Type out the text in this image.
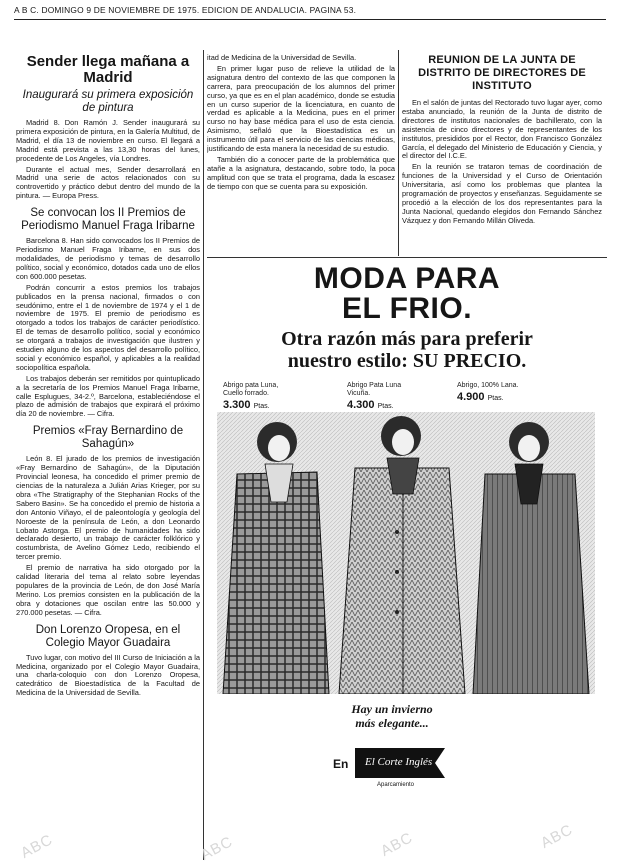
A B C. DOMINGO 9 DE NOVIEMBRE DE 1975. EDICION DE ANDALUCIA. PAGINA 53.
Sender llega mañana a Madrid
Inaugurará su primera exposición de pintura

Madrid 8. Don Ramón J. Sender inaugurará su primera exposición de pintura, en la Galería Multitud, de Madrid, el día 13 de noviembre en curso. El llegará a Madrid está prevista a las 13,30 horas del lunes, procedente de Los Angeles, vía Londres.

Durante el actual mes, Sender desarrollará en Madrid una serie de actos relacionados con su controvertido y práctico debut dentro del mundo de la pintura. — Europa Press.

Se convocan los II Premios de Periodismo Manuel Fraga Iribarne

Barcelona 8. Han sido convocados los II Premios de Periodismo Manuel Fraga Iribarne, en sus dos modalidades, de periodismo y temas de desarrollo político, social y económico, dotados cada uno de ellos con 600.000 pesetas.

Podrán concurrir a estos premios los trabajos publicados en la prensa nacional, firmados o con seudónimo, entre el 1 de noviembre de 1974 y el 1 de noviembre de 1975. El premio de periodismo es otorgado a todos los trabajos de carácter periodístico. El de temas de desarrollo político, social y económico se otorgará a trabajos de investigación que ilustren y estudien alguno de los aspectos del desarrollo político, social y económico español, y aplicables a la realidad sociopolítica española.

Los trabajos deberán ser remitidos por quintuplicado a la secretaría de los Premios Manuel Fraga Iribarne, calle Esplugues, 34-2.º, Barcelona, estableciéndose el plazo de admisión de trabajos que expirará el próximo día 20 de noviembre. — Cifra.

Premios «Fray Bernardino de Sahagún»

León 8. El jurado de los premios de investigación «Fray Bernardino de Sahagún», de la Diputación Provincial leonesa, ha concedido el primer premio de ciencias de la naturaleza a Julián Arias Krieger, por su obra «The Stratigraphy of the Stephanian Rocks of the Sabero Basin». Se ha concedido el premio de historia a don Antonio Viñayo, el de paleontología y geología del Noroeste de la península de León, a don Leonardo Lobato Astorga. El premio de humanidades ha sido declarado desierto, un trabajo de carácter folklórico y costumbrista, de Avelino Gómez Ledo, recibiendo el tercer premio.

El premio de narrativa ha sido otorgado por la calidad literaria del tema al relato sobre leyendas populares de la provincia de León, de don José María Merino. Los premios consisten en la publicación de la obra y dotaciones que oscilan entre las 50.000 y 270.000 pesetas. — Cifra.

Don Lorenzo Oropesa, en el Colegio Mayor Guadaira

Tuvo lugar, con motivo del III Curso de Iniciación a la Medicina, organizado por el Colegio Mayor Guadaira, una charla-coloquio con don Lorenzo Oropesa, catedrático de Bioestadística de la Facultad de Medicina de la Universidad de Sevilla.

itad de Medicina de la Universidad de Sevilla.

En primer lugar puso de relieve la utilidad de la asignatura dentro del contexto de las que componen la carrera, para preocupación de los alumnos del primer curso, ya que es en el plan académico, donde se estudia en un curso superior de la licenciatura, en cuanto de verdad es aplicable a la Medicina, pues en el primer curso no hay base médica para el uso de esta ciencia. Asimismo, señaló que la Bioestadística es un instrumento útil para el servicio de las ciencias médicas, justificando de esta manera la necesidad de su estudio.

También dio a conocer parte de la problemática que atañe a la asignatura, destacando, sobre todo, la poca amplitud con que se trata el programa, dada la escasez de tiempo con que se cuenta para su exposición.

REUNION DE LA JUNTA DE DISTRITO DE DIRECTORES DE INSTITUTO

En el salón de juntas del Rectorado tuvo lugar ayer, como estaba anunciado, la reunión de la Junta de distrito de directores de institutos nacionales de bachillerato, con la asistencia de cinco directores y de representantes de los institutos, presididos por el Rector, don Francisco González García, el delegado del Ministerio de Educación y Ciencia, y el director del I.C.E.

En la reunión se trataron temas de coordinación de funciones de la Universidad y el Curso de Orientación Universitaria, así como los problemas que plantea la programación de proyectos y enseñanzas. Seguidamente se procedió a la elección de los dos representantes para la Junta Nacional, quedando elegidos don Fernando Sánchez Vázquez y don Fernando Millán Oliveda.

MODA PARA
EL FRIO.
Otra razón más para preferir
nuestro estilo: SU PRECIO.
Abrigo pata Luna,
Cuello forrado.
3.300 Ptas.
Abrigo Pata Luna
Vicuña.
4.300 Ptas.
Abrigo, 100% Lana.
4.900 Ptas.
Hay un invierno
más elegante...
En El Corte Inglés
Aparcamiento
ABC	ABC	ABC	ABC
